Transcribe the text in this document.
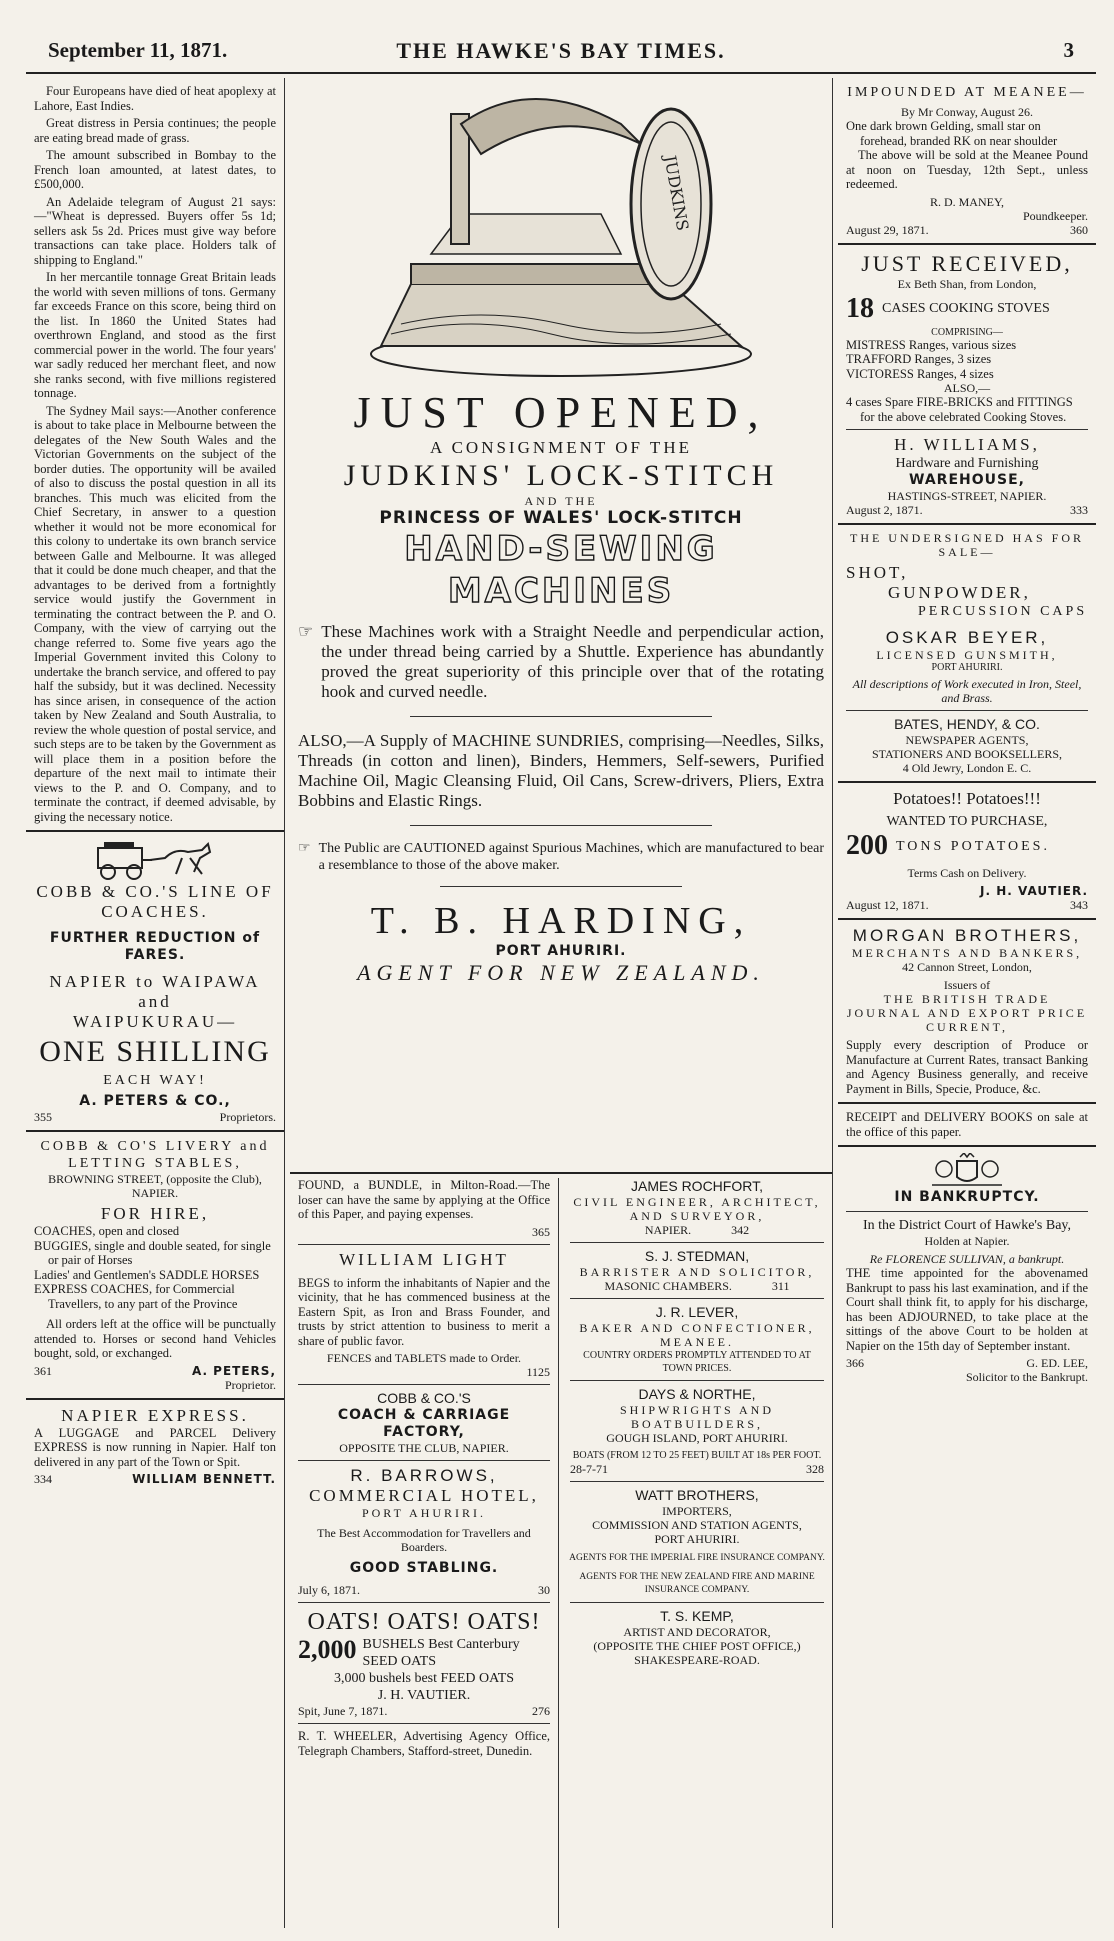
September 11, 1871.	THE HAWKE'S BAY TIMES.	3

Four Europeans have died of heat apoplexy at Lahore, East Indies.

Great distress in Persia continues; the people are eating bread made of grass.

The amount subscribed in Bombay to the French loan amounted, at latest dates, to £500,000.

An Adelaide telegram of August 21 says:—"Wheat is depressed. Buyers offer 5s 1d; sellers ask 5s 2d. Prices must give way before transactions can take place. Holders talk of shipping to England."

In her mercantile tonnage Great Britain leads the world with seven millions of tons. Germany far exceeds France on this score, being third on the list. In 1860 the United States had overthrown England, and stood as the first commercial power in the world. The four years' war sadly reduced her merchant fleet, and now she ranks second, with five millions registered tonnage.

The Sydney Mail says:—Another conference is about to take place in Melbourne between the delegates of the New South Wales and the Victorian Governments on the subject of the border duties. The opportunity will be availed of also to discuss the postal question in all its branches. This much was elicited from the Chief Secretary, in answer to a question whether it would not be more economical for this colony to undertake its own branch service between Galle and Melbourne. It was alleged that it could be done much cheaper, and that the advantages to be derived from a fortnightly service would justify the Government in terminating the contract between the P. and O. Company, with the view of carrying out the change referred to. Some five years ago the Imperial Government invited this Colony to undertake the branch service, and offered to pay half the subsidy, but it was declined. Necessity has since arisen, in consequence of the action taken by New Zealand and South Australia, to review the whole question of postal service, and such steps are to be taken by the Government as will place them in a position before the departure of the next mail to intimate their views to the P. and O. Company, and to terminate the contract, if deemed advisable, by giving the necessary notice.

COBB & CO.'S LINE OF COACHES.
FURTHER REDUCTION of FARES.
NAPIER to WAIPAWA and
WAIPUKURAU—
ONE SHILLING
EACH WAY!
A. PETERS & CO.,
355	Proprietors.
COBB & CO'S LIVERY and LETTING STABLES,
BROWNING STREET, (opposite the Club), NAPIER.
FOR HIRE,
COACHES, open and closed
BUGGIES, single and double seated, for single or pair of Horses
Ladies' and Gentlemen's SADDLE HORSES
EXPRESS COACHES, for Commercial Travellers, to any part of the Province

All orders left at the office will be punctually attended to. Horses or second hand Vehicles bought, sold, or exchanged.

361	A. PETERS,
Proprietor.
NAPIER EXPRESS.

A LUGGAGE and PARCEL Delivery EXPRESS is now running in Napier. Half ton delivered in any part of the Town or Spit.

334	WILLIAM BENNETT.
JUDKINS
JUST OPENED,
A CONSIGNMENT OF THE
JUDKINS' LOCK-STITCH
AND THE
PRINCESS OF WALES' LOCK-STITCH
HAND-SEWING MACHINES
☞ These Machines work with a Straight Needle and perpendicular action, the under thread being carried by a Shuttle. Experience has abundantly proved the great superiority of this principle over that of the rotating hook and curved needle.
ALSO,—A Supply of MACHINE SUNDRIES, comprising—Needles, Silks, Threads (in cotton and linen), Binders, Hemmers, Self-sewers, Purified Machine Oil, Magic Cleansing Fluid, Oil Cans, Screw-drivers, Pliers, Extra Bobbins and Elastic Rings.
☞ The Public are CAUTIONED against Spurious Machines, which are manufactured to bear a resemblance to those of the above maker.
T. B. HARDING,
PORT AHURIRI.
AGENT FOR NEW ZEALAND.

FOUND, a BUNDLE, in Milton-Road.—The loser can have the same by applying at the Office of this Paper, and paying expenses.

365
WILLIAM LIGHT

BEGS to inform the inhabitants of Napier and the vicinity, that he has commenced business at the Eastern Spit, as Iron and Brass Founder, and trusts by strict attention to business to merit a share of public favor.

FENCES and TABLETS made to Order.
1125
COBB & CO.'S
COACH & CARRIAGE FACTORY,
OPPOSITE THE CLUB, NAPIER.
R. BARROWS,
COMMERCIAL HOTEL,
PORT AHURIRI.
The Best Accommodation for Travellers and Boarders.
GOOD STABLING.
July 6, 1871.	30
OATS! OATS! OATS!
2,000 BUSHELS Best Canterbury SEED OATS
3,000 bushels best FEED OATS
J. H. VAUTIER.
Spit, June 7, 1871.	276

R. T. WHEELER, Advertising Agency Office, Telegraph Chambers, Stafford-street, Dunedin.

JAMES ROCHFORT,
CIVIL ENGINEER, ARCHITECT, AND SURVEYOR,
NAPIER.	342
S. J. STEDMAN,
BARRISTER AND SOLICITOR,
MASONIC CHAMBERS.	311
J. R. LEVER,
BAKER AND CONFECTIONER,
MEANEE.
COUNTRY ORDERS PROMPTLY ATTENDED TO AT TOWN PRICES.
DAYS & NORTHE,
SHIPWRIGHTS AND BOATBUILDERS,
GOUGH ISLAND, PORT AHURIRI.
BOATS (FROM 12 TO 25 FEET) BUILT AT 18s PER FOOT.
28-7-71	328
WATT BROTHERS,
IMPORTERS,
COMMISSION AND STATION AGENTS,
PORT AHURIRI.
AGENTS FOR THE IMPERIAL FIRE INSURANCE COMPANY.
AGENTS FOR THE NEW ZEALAND FIRE AND MARINE INSURANCE COMPANY.
T. S. KEMP,
ARTIST AND DECORATOR,
(OPPOSITE THE CHIEF POST OFFICE,)
SHAKESPEARE-ROAD.
IMPOUNDED AT MEANEE—
By Mr Conway, August 26.
One dark brown Gelding, small star on forehead, branded RK on near shoulder

The above will be sold at the Meanee Pound at noon on Tuesday, 12th Sept., unless redeemed.

R. D. MANEY,
Poundkeeper.
August 29, 1871.	360
JUST RECEIVED,
Ex Beth Shan, from London,
18 CASES COOKING STOVES
COMPRISING—
MISTRESS Ranges, various sizes
TRAFFORD Ranges, 3 sizes
VICTORESS Ranges, 4 sizes
ALSO,—
4 cases Spare FIRE-BRICKS and FITTINGS for the above celebrated Cooking Stoves.
H. WILLIAMS,
Hardware and Furnishing
WAREHOUSE,
HASTINGS-STREET, NAPIER.
August 2, 1871.	333
THE UNDERSIGNED HAS FOR SALE—
SHOT,
GUNPOWDER,
PERCUSSION CAPS
OSKAR BEYER,
LICENSED GUNSMITH,
PORT AHURIRI.
All descriptions of Work executed in Iron, Steel, and Brass.
BATES, HENDY, & CO.
NEWSPAPER AGENTS,
STATIONERS AND BOOKSELLERS,
4 Old Jewry, London E. C.
Potatoes!! Potatoes!!!
WANTED TO PURCHASE,
200 TONS POTATOES.
Terms Cash on Delivery.
J. H. VAUTIER.
August 12, 1871.	343
MORGAN BROTHERS,
MERCHANTS AND BANKERS,
42 Cannon Street, London,
Issuers of
THE BRITISH TRADE JOURNAL AND EXPORT PRICE CURRENT,

Supply every description of Produce or Manufacture at Current Rates, transact Banking and Agency Business generally, and receive Payment in Bills, Specie, Produce, &c.

RECEIPT and DELIVERY BOOKS on sale at the office of this paper.

IN BANKRUPTCY.
In the District Court of Hawke's Bay,
Holden at Napier.
Re FLORENCE SULLIVAN, a bankrupt.

THE time appointed for the abovenamed Bankrupt to pass his last examination, and if the Court shall think fit, to apply for his discharge, has been ADJOURNED, to take place at the sittings of the above Court to be holden at Napier on the 15th day of September instant.

366	G. ED. LEE,
Solicitor to the Bankrupt.
